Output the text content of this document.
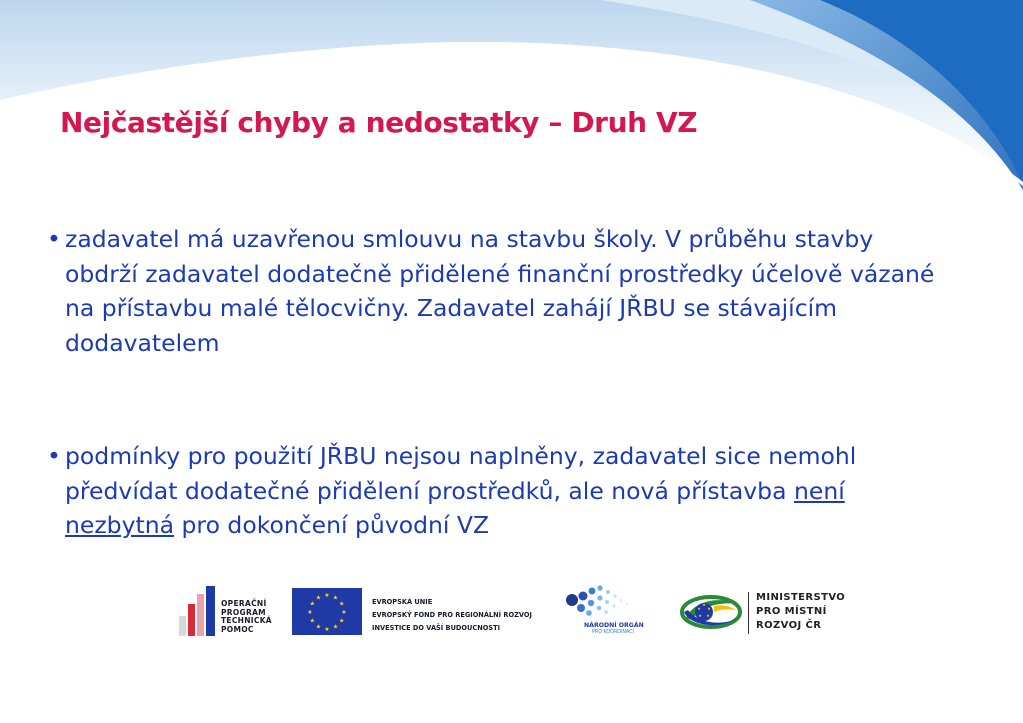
Nejčastější chyby a nedostatky – Druh VZ
• zadavatel má uzavřenou smlouvu na stavbu školy. V průběhu stavby obdrží zadavatel dodatečně přidělené finanční prostředky účelově vázané na přístavbu malé tělocvičny. Zadavatel zahájí JŘBU se stávajícím dodavatelem
• podmínky pro použití JŘBU nejsou naplněny, zadavatel sice nemohl předvídat dodatečné přidělení prostředků, ale nová přístavba není nezbytná pro dokončení původní VZ
OPERAČNÍ
PROGRAM
TECHNICKÁ
POMOC
★ ★
★
★
★
★
★
★
★
★
★
★
EVROPSKÁ UNIE
EVROPSKÝ FOND PRO REGIONÁLNÍ ROZVOJ
INVESTICE DO VAŠÍ BUDOUCNOSTI	NÁRODNÍ ORGÁN
PRO KOORDINACI
★
★
★
★
★
MINISTERSTVO
PRO MÍSTNÍ
ROZVOJ ČR
